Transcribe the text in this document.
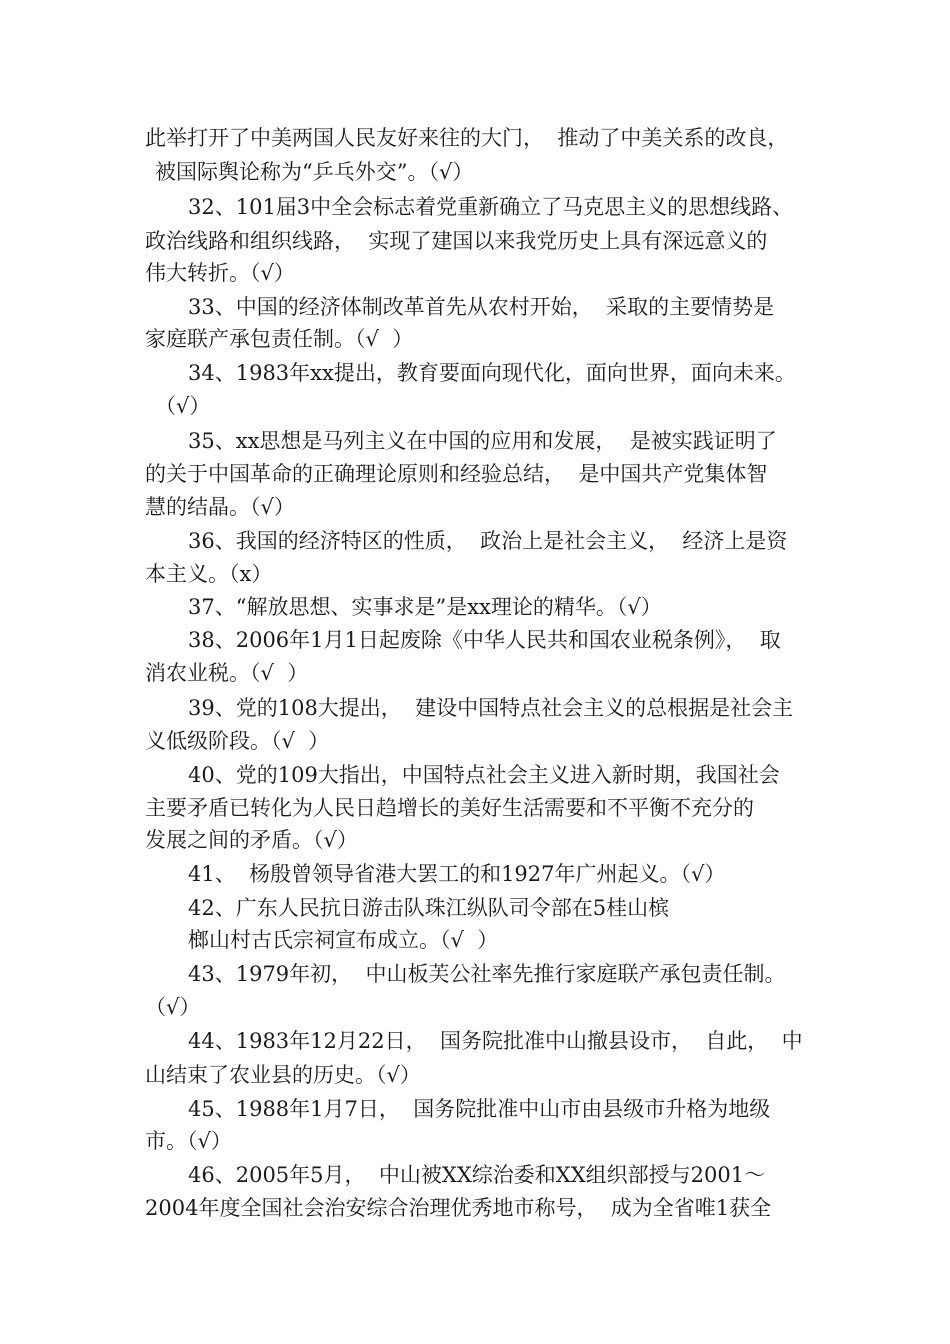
此举打开了中美两国人民友好来往的大门，  推动了中美关系的改良，
被国际舆论称为“乒乓外交”。（√）
32、101届3中全会标志着党重新确立了马克思主义的思想线路、
政治线路和组织线路，  实现了建国以来我党历史上具有深远意义的
伟大转折。（√）
33、中国的经济体制改革首先从农村开始，  采取的主要情势是
家庭联产承包责任制。（√  ）
34、1983年xx提出，教育要面向现代化，面向世界，面向未来。
（√）
35、xx思想是马列主义在中国的应用和发展，  是被实践证明了
的关于中国革命的正确理论原则和经验总结，  是中国共产党集体智
慧的结晶。（√）
36、我国的经济特区的性质，  政治上是社会主义，  经济上是资
本主义。（x）
37、“解放思想、实事求是”是xx理论的精华。（√）
38、2006年1月1日起废除《中华人民共和国农业税条例》，  取
消农业税。（√  ）
39、党的108大提出，  建设中国特点社会主义的总根据是社会主
义低级阶段。（√  ）
40、党的109大指出，中国特点社会主义进入新时期，我国社会
主要矛盾已转化为人民日趋增长的美好生活需要和不平衡不充分的
发展之间的矛盾。（√）
41、  杨殷曾领导省港大罢工的和1927年广州起义。（√）
42、广东人民抗日游击队珠江纵队司令部在5桂山槟
榔山村古氏宗祠宣布成立。（√  ）
43、1979年初，  中山板芙公社率先推行家庭联产承包责任制。
（√）
44、1983年12月22日，  国务院批准中山撤县设市，  自此，  中
山结束了农业县的历史。（√）
45、1988年1月7日，  国务院批准中山市由县级市升格为地级
市。（√）
46、2005年5月，  中山被XX综治委和XX组织部授与2001～
2004年度全国社会治安综合治理优秀地市称号，  成为全省唯1获全
